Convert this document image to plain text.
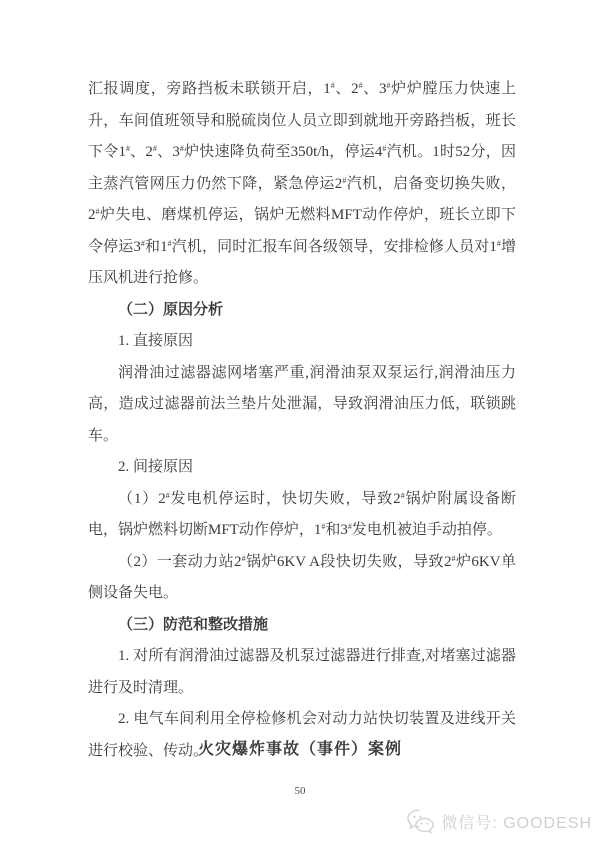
汇报调度，旁路挡板未联锁开启，1#、2#、3#炉炉膛压力快速上升，车间值班领导和脱硫岗位人员立即到就地开旁路挡板，班长下令1#、2#、3#炉快速降负荷至350t/h，停运4#汽机。1时52分，因主蒸汽管网压力仍然下降，紧急停运2#汽机，启备变切换失败，2#炉失电、磨煤机停运，锅炉无燃料MFT动作停炉，班长立即下令停运3#和1#汽机，同时汇报车间各级领导，安排检修人员对1#增压风机进行抢修。

（二）原因分析

1. 直接原因

润滑油过滤器滤网堵塞严重,润滑油泵双泵运行,润滑油压力高，造成过滤器前法兰垫片处泄漏，导致润滑油压力低，联锁跳车。

2. 间接原因

（1）2#发电机停运时，快切失败，导致2#锅炉附属设备断电，锅炉燃料切断MFT动作停炉，1#和3#发电机被迫手动拍停。

（2）一套动力站2#锅炉6KV A段快切失败，导致2#炉6KV单侧设备失电。

（三）防范和整改措施

1. 对所有润滑油过滤器及机泵过滤器进行排查,对堵塞过滤器进行及时清理。

2. 电气车间利用全停检修机会对动力站快切装置及进线开关进行校验、传动。

火灾爆炸事故（事件）案例
50
微信号: GOODESH
